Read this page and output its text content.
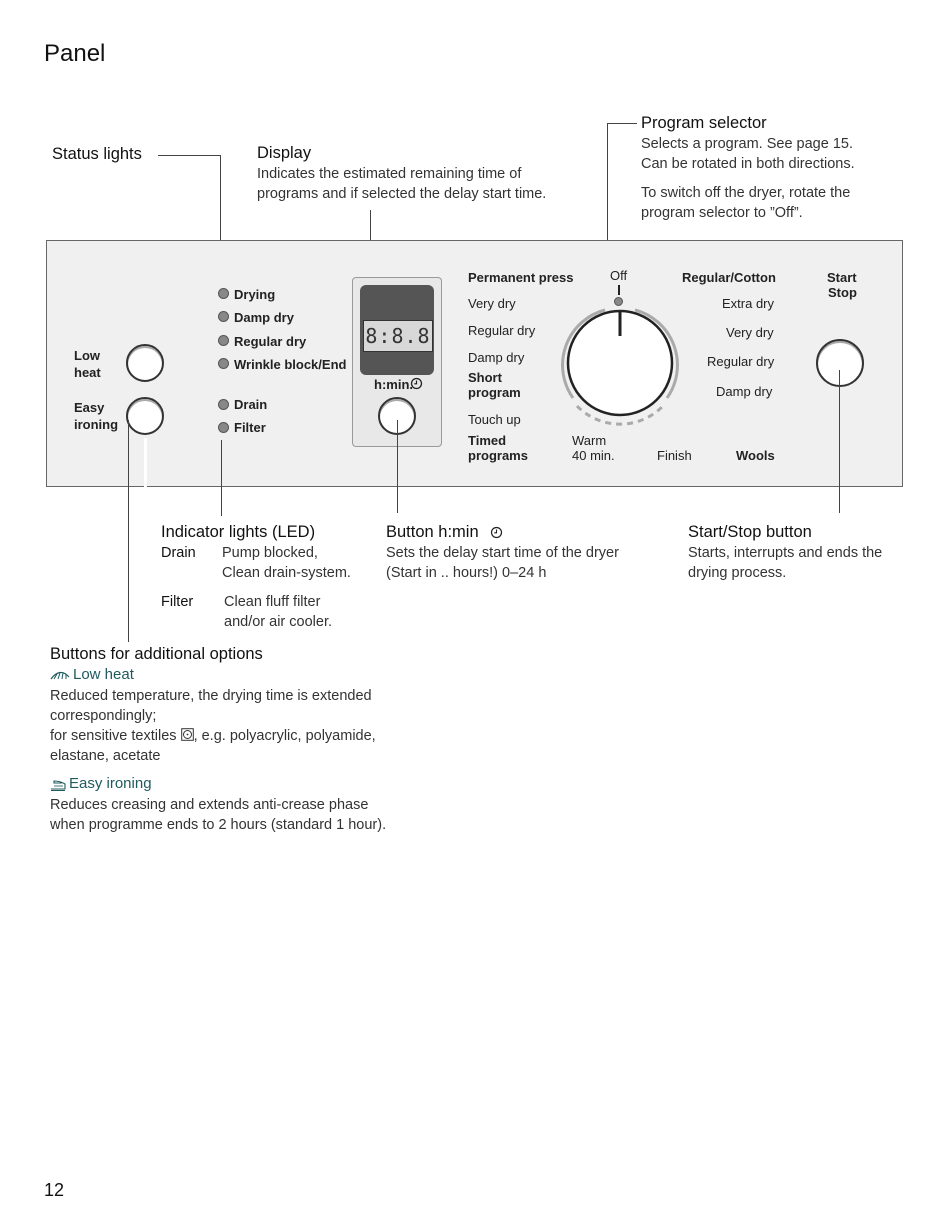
Panel
Status lights	Display
Indicates the estimated remaining time of
programs and if selected the delay start time.
Program selector
Selects a program. See page 15.
Can be rotated in both directions.
To switch off the dryer, rotate the
program selector to ”Off”.
Low
heat
Easy
ironing
Drying
Damp dry
Regular dry
Wrinkle block/End
Drain
Filter
8:8.8
h:min.
Permanent press
Very dry
Regular dry
Damp dry
Short
program
Touch up
Timed
programs
Off
Warm
40 min.	Finish
Regular/Cotton
Extra dry
Very dry
Regular dry
Damp dry
Wools
Start
Stop
Indicator lights (LED)
Drain Pump blocked,
Clean drain-system.
Filter Clean fluff filter
and/or air cooler.
Button h:min
Sets the delay start time of the dryer
(Start in .. hours!) 0–24 h
Start/Stop button
Starts, interrupts and ends the
drying process.
Buttons for additional options
Low heat
Reduced temperature, the drying time is extended
correspondingly;
for sensitive textiles , e.g. polyacrylic, polyamide,
elastane, acetate
Easy ironing
Reduces creasing and extends anti-crease phase
when programme ends to 2 hours (standard 1 hour).
12
